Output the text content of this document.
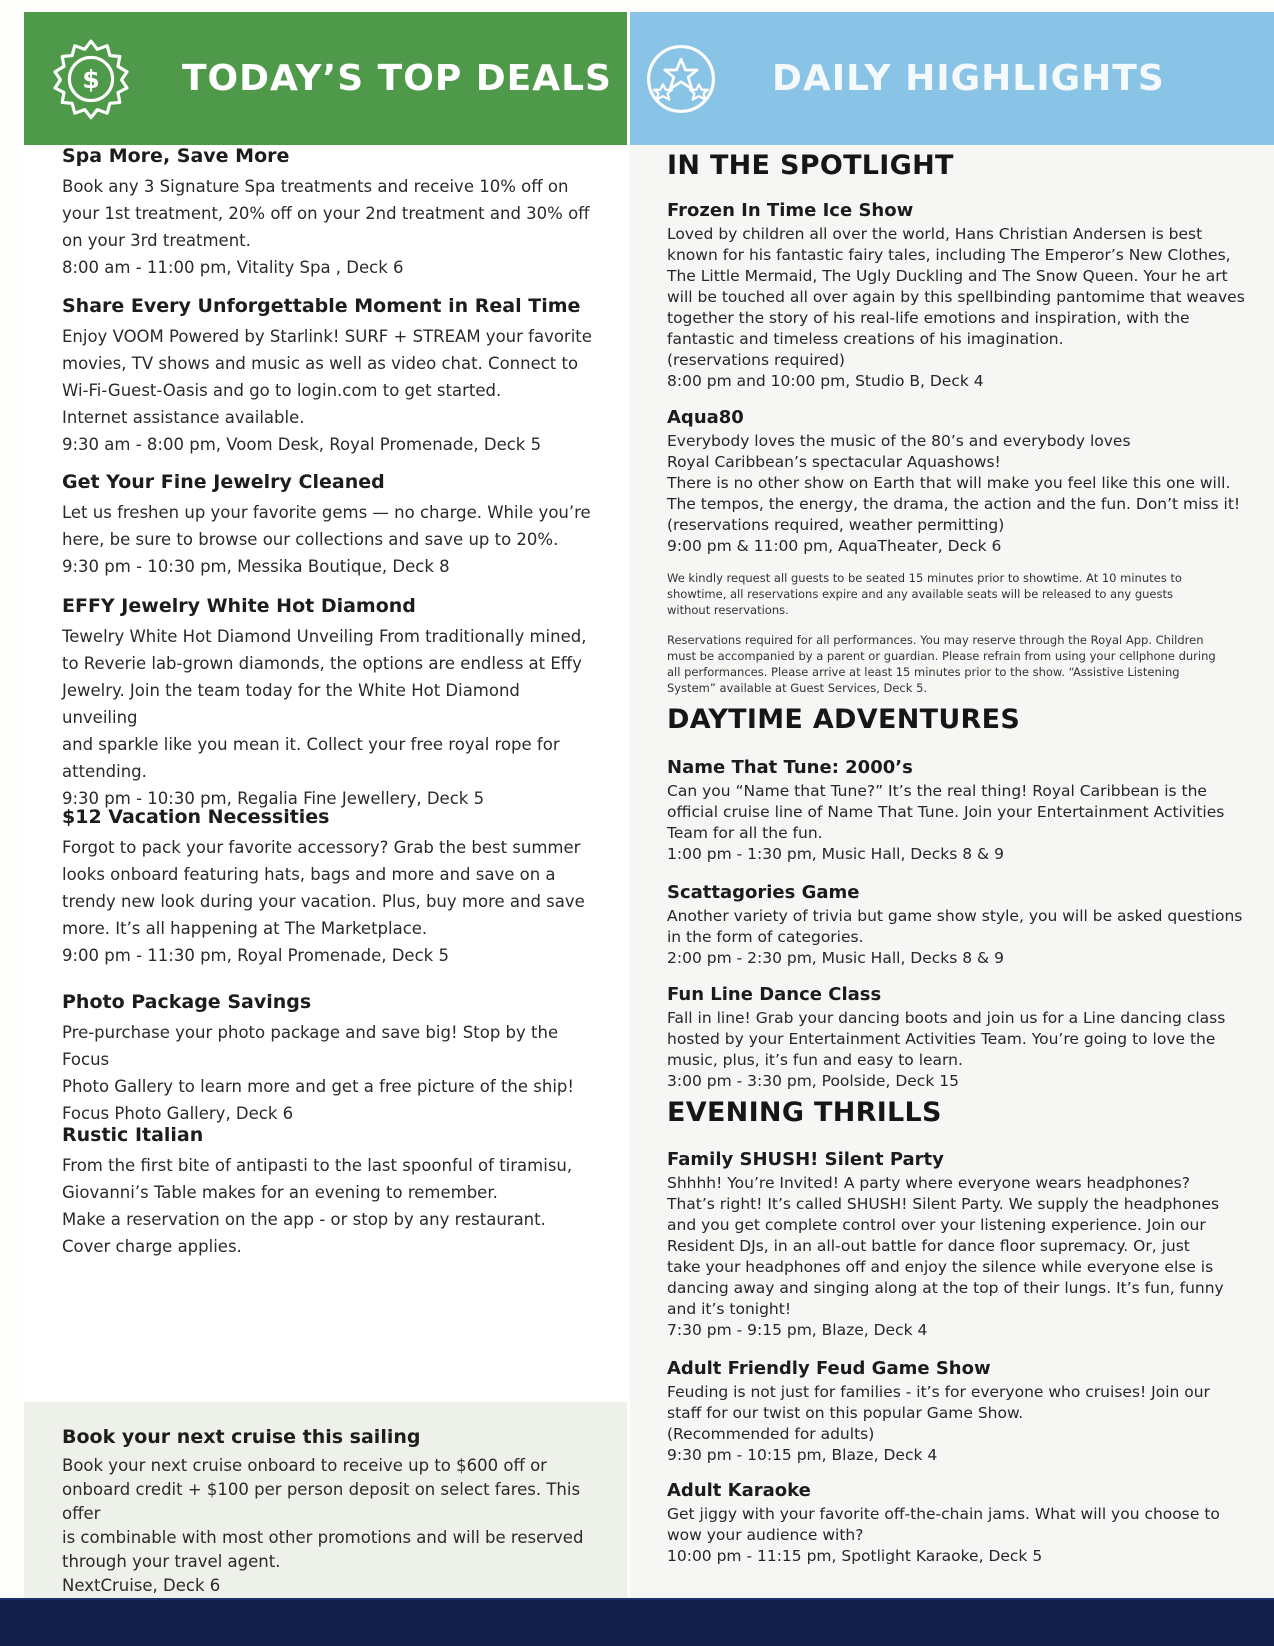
$ TODAY’S TOP DEALS	DAILY HIGHLIGHTS
Spa More, Save More

Book any 3 Signature Spa treatments and receive 10% off on

your 1st treatment, 20% off on your 2nd treatment and 30% off

on your 3rd treatment.

8:00 am - 11:00 pm, Vitality Spa , Deck 6

Share Every Unforgettable Moment in Real Time

Enjoy VOOM Powered by Starlink! SURF + STREAM your favorite

movies, TV shows and music as well as video chat. Connect to

Wi-Fi-Guest-Oasis and go to login.com to get started.

Internet assistance available.

9:30 am - 8:00 pm, Voom Desk, Royal Promenade, Deck 5

Get Your Fine Jewelry Cleaned

Let us freshen up your favorite gems — no charge. While you’re

here, be sure to browse our collections and save up to 20%.

9:30 pm - 10:30 pm, Messika Boutique, Deck 8

EFFY Jewelry White Hot Diamond

Tewelry White Hot Diamond Unveiling From traditionally mined,

to Reverie lab-grown diamonds, the options are endless at Effy

Jewelry. Join the team today for the White Hot Diamond unveiling

and sparkle like you mean it. Collect your free royal rope for

attending.

9:30 pm - 10:30 pm, Regalia Fine Jewellery, Deck 5

$12 Vacation Necessities

Forgot to pack your favorite accessory? Grab the best summer

looks onboard featuring hats, bags and more and save on a

trendy new look during your vacation. Plus, buy more and save

more. It’s all happening at The Marketplace.

9:00 pm - 11:30 pm, Royal Promenade, Deck 5

Photo Package Savings

Pre-purchase your photo package and save big! Stop by the Focus

Photo Gallery to learn more and get a free picture of the ship!

Focus Photo Gallery, Deck 6

Rustic Italian

From the first bite of antipasti to the last spoonful of tiramisu,

Giovanni’s Table makes for an evening to remember.

Make a reservation on the app - or stop by any restaurant.

Cover charge applies.

Book your next cruise this sailing

Book your next cruise onboard to receive up to $600 off or

onboard credit + $100 per person deposit on select fares. This offer

is combinable with most other promotions and will be reserved

through your travel agent.

NextCruise, Deck 6

IN THE SPOTLIGHT
Frozen In Time Ice Show

Loved by children all over the world, Hans Christian Andersen is best

known for his fantastic fairy tales, including The Emperor’s New Clothes,

The Little Mermaid, The Ugly Duckling and The Snow Queen. Your he art

will be touched all over again by this spellbinding pantomime that weaves

together the story of his real-life emotions and inspiration, with the

fantastic and timeless creations of his imagination.

(reservations required)

8:00 pm and 10:00 pm, Studio B, Deck 4

Aqua80

Everybody loves the music of the 80’s and everybody loves

Royal Caribbean’s spectacular Aquashows!

There is no other show on Earth that will make you feel like this one will.

The tempos, the energy, the drama, the action and the fun. Don’t miss it!

(reservations required, weather permitting)

9:00 pm & 11:00 pm, AquaTheater, Deck 6

We kindly request all guests to be seated 15 minutes prior to showtime. At 10 minutes to

showtime, all reservations expire and any available seats will be released to any guests

without reservations.

Reservations required for all performances. You may reserve through the Royal App. Children

must be accompanied by a parent or guardian. Please refrain from using your cellphone during

all performances. Please arrive at least 15 minutes prior to the show. “Assistive Listening

System” available at Guest Services, Deck 5.

DAYTIME ADVENTURES
Name That Tune: 2000’s

Can you “Name that Tune?” It’s the real thing! Royal Caribbean is the

official cruise line of Name That Tune. Join your Entertainment Activities

Team for all the fun.

1:00 pm - 1:30 pm, Music Hall, Decks 8 & 9

Scattagories Game

Another variety of trivia but game show style, you will be asked questions

in the form of categories.

2:00 pm - 2:30 pm, Music Hall, Decks 8 & 9

Fun Line Dance Class

Fall in line! Grab your dancing boots and join us for a Line dancing class

hosted by your Entertainment Activities Team. You’re going to love the

music, plus, it’s fun and easy to learn.

3:00 pm - 3:30 pm, Poolside, Deck 15

EVENING THRILLS
Family SHUSH! Silent Party

Shhhh! You’re Invited! A party where everyone wears headphones?

That’s right! It’s called SHUSH! Silent Party. We supply the headphones

and you get complete control over your listening experience. Join our

Resident DJs, in an all-out battle for dance floor supremacy. Or, just

take your headphones off and enjoy the silence while everyone else is

dancing away and singing along at the top of their lungs. It’s fun, funny

and it’s tonight!

7:30 pm - 9:15 pm, Blaze, Deck 4

Adult Friendly Feud Game Show

Feuding is not just for families - it’s for everyone who cruises! Join our

staff for our twist on this popular Game Show.

(Recommended for adults)

9:30 pm - 10:15 pm, Blaze, Deck 4

Adult Karaoke

Get jiggy with your favorite off-the-chain jams. What will you choose to

wow your audience with?

10:00 pm - 11:15 pm, Spotlight Karaoke, Deck 5
